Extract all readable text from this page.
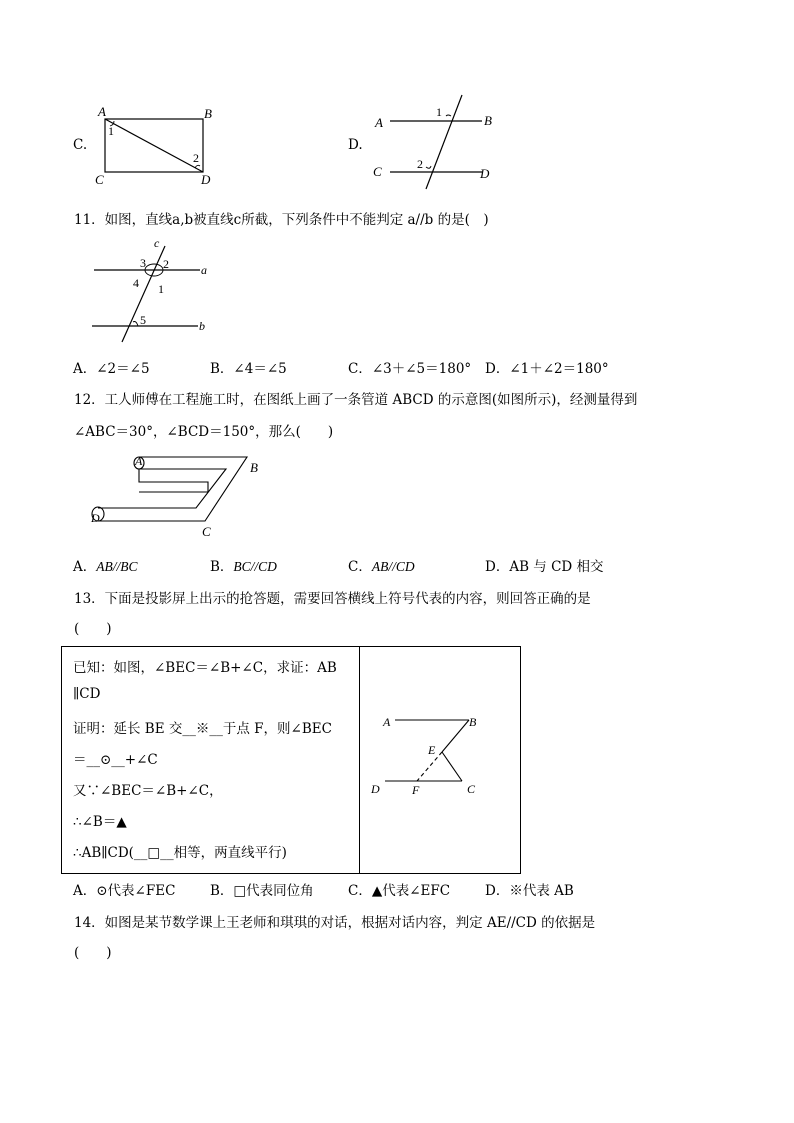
C.
A	B
C	D
1
2
D.
A	B
C	D
1
2
11．如图，直线a,b被直线c所截，下列条件中不能判定 a//b 的是(　)
c
a
b
3 2
4 1
5
A．∠2＝∠5	B．∠4＝∠5	C．∠3＋∠5＝180° D．∠1＋∠2＝180°
12．工人师傅在工程施工时，在图纸上画了一条管道 ABCD 的示意图(如图所示)，经测量得到
∠ABC＝30°，∠BCD＝150°，那么(　　)
A	B
C
D
A．AB//BC	B．BC//CD	C．AB//CD	D．AB 与 CD 相交
13．下面是投影屏上出示的抢答题，需要回答横线上符号代表的内容，则回答正确的是
(　　)
已知：如图，∠BEC＝∠B+∠C，求证：AB
∥CD
证明：延长 BE 交__※__于点 F，则∠BEC
＝__⊙__+∠C
又∵∠BEC＝∠B+∠C，
∴∠B＝▲
∴AB∥CD(__□__相等，两直线平行)
A	B
E
D	F	C
A．⊙代表∠FEC	B．□代表同位角	C．▲代表∠EFC	D．※代表 AB
14．如图是某节数学课上王老师和琪琪的对话，根据对话内容，判定 AE//CD 的依据是
(　　)
